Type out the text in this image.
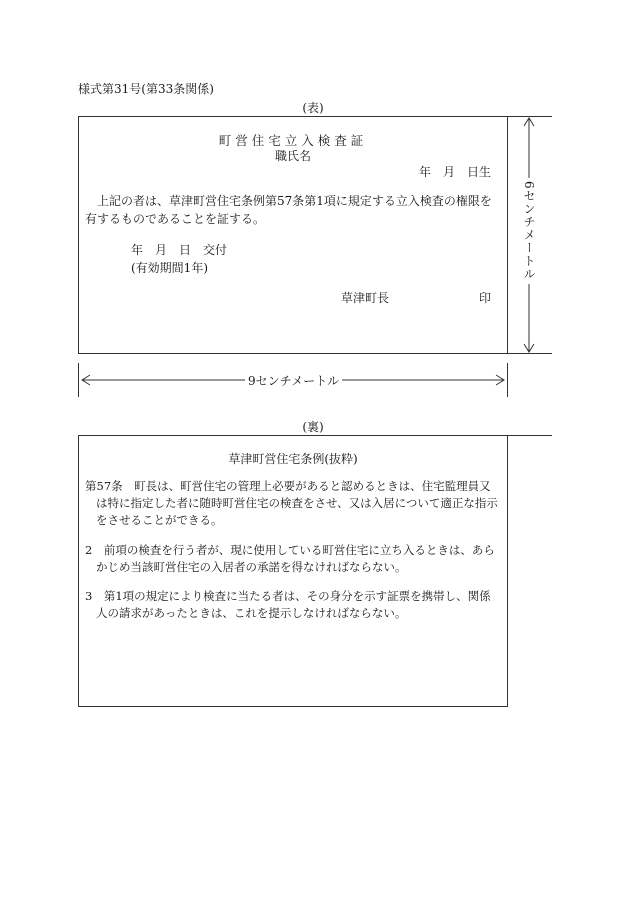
様式第31号(第33条関係)
(表)
町営住宅立入検査証
職氏名
年　月　日生
上記の者は、草津町営住宅条例第57条第1項に規定する立入検査の権限を有するものであることを証する。
年　月　日　交付
(有効期間1年)
草津町長	印
6センチメートル
9センチメートル
(裏)
草津町営住宅条例(抜粋)
第57条　町長は、町営住宅の管理上必要があると認めるときは、住宅監理員又は特に指定した者に随時町営住宅の検査をさせ、又は入居について適正な指示をさせることができる。
2　前項の検査を行う者が、現に使用している町営住宅に立ち入るときは、あらかじめ当該町営住宅の入居者の承諾を得なければならない。
3　第1項の規定により検査に当たる者は、その身分を示す証票を携帯し、関係人の請求があったときは、これを提示しなければならない。
